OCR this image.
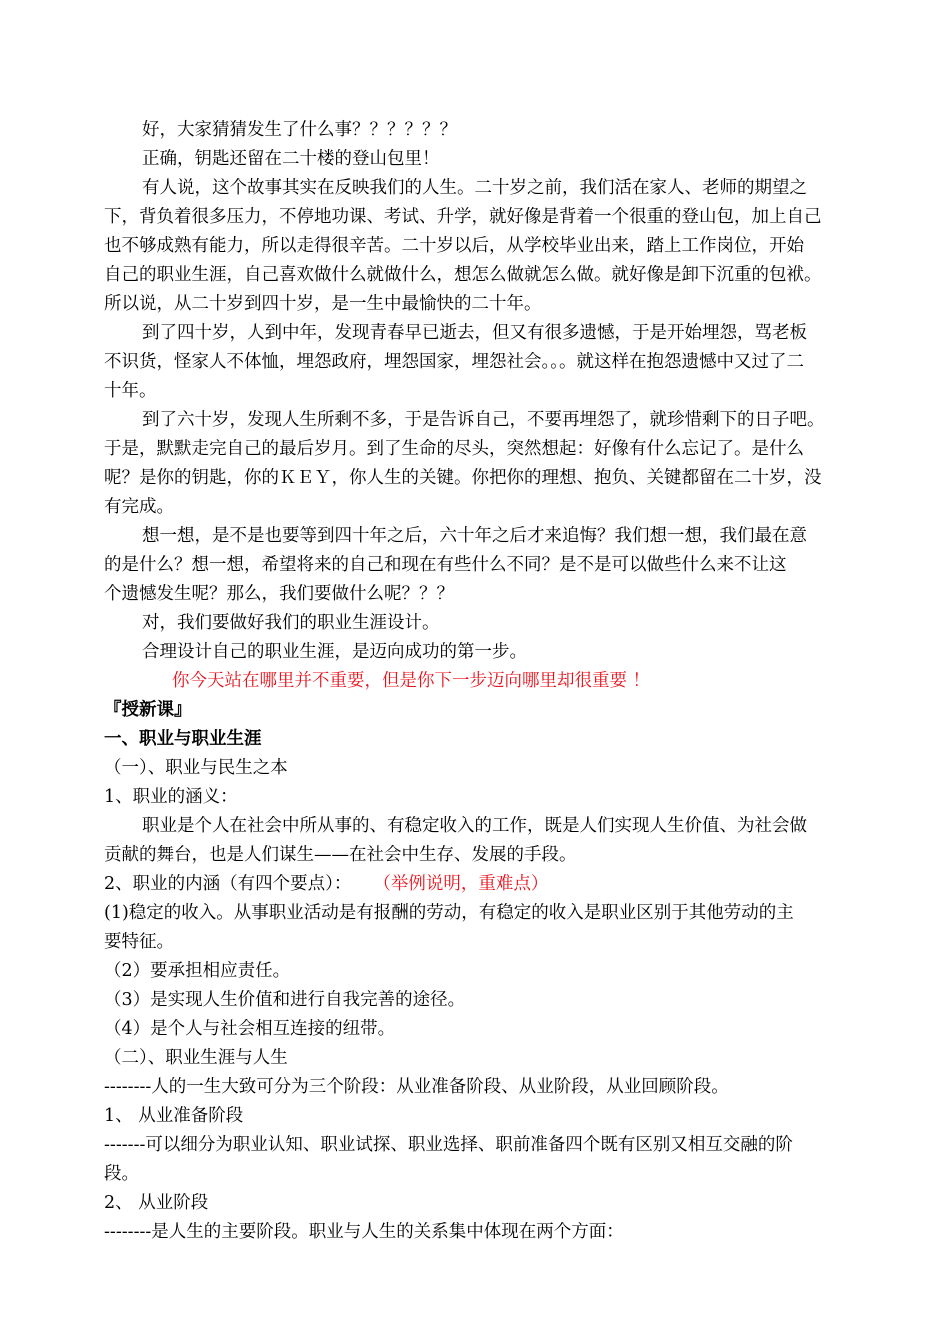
好，大家猜猜发生了什么事？？？？？？
正确，钥匙还留在二十楼的登山包里！
有人说，这个故事其实在反映我们的人生。二十岁之前，我们活在家人、老师的期望之
下，背负着很多压力，不停地功课、考试、升学，就好像是背着一个很重的登山包，加上自己
也不够成熟有能力，所以走得很辛苦。二十岁以后，从学校毕业出来，踏上工作岗位，开始
自己的职业生涯，自己喜欢做什么就做什么，想怎么做就怎么做。就好像是卸下沉重的包袱。
所以说，从二十岁到四十岁，是一生中最愉快的二十年。
到了四十岁，人到中年，发现青春早已逝去，但又有很多遗憾，于是开始埋怨，骂老板
不识货，怪家人不体恤，埋怨政府，埋怨国家，埋怨社会。。。就这样在抱怨遗憾中又过了二
十年。
到了六十岁，发现人生所剩不多，于是告诉自己，不要再埋怨了，就珍惜剩下的日子吧。
于是，默默走完自己的最后岁月。到了生命的尽头，突然想起：好像有什么忘记了。是什么
呢？是你的钥匙，你的ＫＥＹ，你人生的关键。你把你的理想、抱负、关键都留在二十岁，没
有完成。
想一想，是不是也要等到四十年之后，六十年之后才来追悔？我们想一想，我们最在意
的是什么？想一想，希望将来的自己和现在有些什么不同？是不是可以做些什么来不让这
个遗憾发生呢？那么，我们要做什么呢？？？
对，我们要做好我们的职业生涯设计。
合理设计自己的职业生涯，是迈向成功的第一步。
你今天站在哪里并不重要，但是你下一步迈向哪里却很重要 ！
『授新课』
一、职业与职业生涯
（一）、职业与民生之本
1、职业的涵义：
职业是个人在社会中所从事的、有稳定收入的工作，既是人们实现人生价值、为社会做
贡献的舞台，也是人们谋生——在社会中生存、发展的手段。
2、职业的内涵（有四个要点）： （举例说明，重难点）
(1)稳定的收入。从事职业活动是有报酬的劳动，有稳定的收入是职业区别于其他劳动的主
要特征。
（2）要承担相应责任。
（3）是实现人生价值和进行自我完善的途径。
（4）是个人与社会相互连接的纽带。
（二）、职业生涯与人生
--------人的一生大致可分为三个阶段：从业准备阶段、从业阶段，从业回顾阶段。
1、 从业准备阶段
-------可以细分为职业认知、职业试探、职业选择、职前准备四个既有区别又相互交融的阶
段。
2、 从业阶段
--------是人生的主要阶段。职业与人生的关系集中体现在两个方面：
